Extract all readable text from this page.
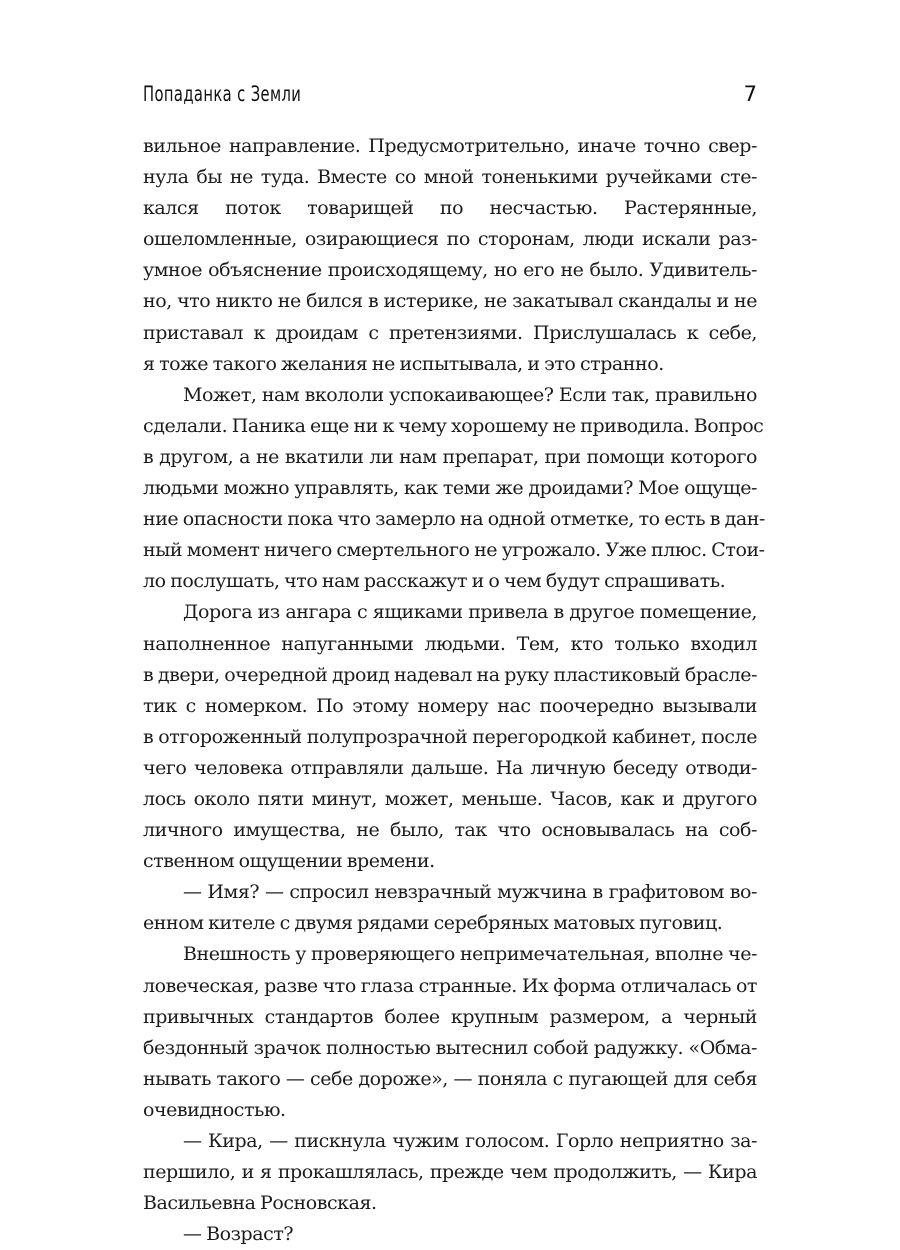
Попаданка с Земли	7
вильное направление. Предусмотрительно, иначе точно свер-
нула бы не туда. Вместе со мной тоненькими ручейками сте-
кался поток товарищей по несчастью. Растерянные,
ошеломленные, озирающиеся по сторонам, люди искали раз-
умное объяснение происходящему, но его не было. Удивитель-
но, что никто не бился в истерике, не закатывал скандалы и не
приставал к дроидам с претензиями. Прислушалась к себе,
я тоже такого желания не испытывала, и это странно.
Может, нам вкололи успокаивающее? Если так, правильно
сделали. Паника еще ни к чему хорошему не приводила. Вопрос
в другом, а не вкатили ли нам препарат, при помощи которого
людьми можно управлять, как теми же дроидами? Мое ощуще-
ние опасности пока что замерло на одной отметке, то есть в дан-
ный момент ничего смертельного не угрожало. Уже плюс. Стои-
ло послушать, что нам расскажут и о чем будут спрашивать.
Дорога из ангара с ящиками привела в другое помещение,
наполненное напуганными людьми. Тем, кто только входил
в двери, очередной дроид надевал на руку пластиковый брасле-
тик с номерком. По этому номеру нас поочередно вызывали
в отгороженный полупрозрачной перегородкой кабинет, после
чего человека отправляли дальше. На личную беседу отводи-
лось около пяти минут, может, меньше. Часов, как и другого
личного имущества, не было, так что основывалась на соб-
ственном ощущении времени.
— Имя? — спросил невзрачный мужчина в графитовом во-
енном кителе с двумя рядами серебряных матовых пуговиц.
Внешность у проверяющего непримечательная, вполне че-
ловеческая, разве что глаза странные. Их форма отличалась от
привычных стандартов более крупным размером, а черный
бездонный зрачок полностью вытеснил собой радужку. «Обма-
нывать такого — себе дороже», — поняла с пугающей для себя
очевидностью.
— Кира, — пискнула чужим голосом. Горло неприятно за-
першило, и я прокашлялась, прежде чем продолжить, — Кира
Васильевна Росновская.
— Возраст?
